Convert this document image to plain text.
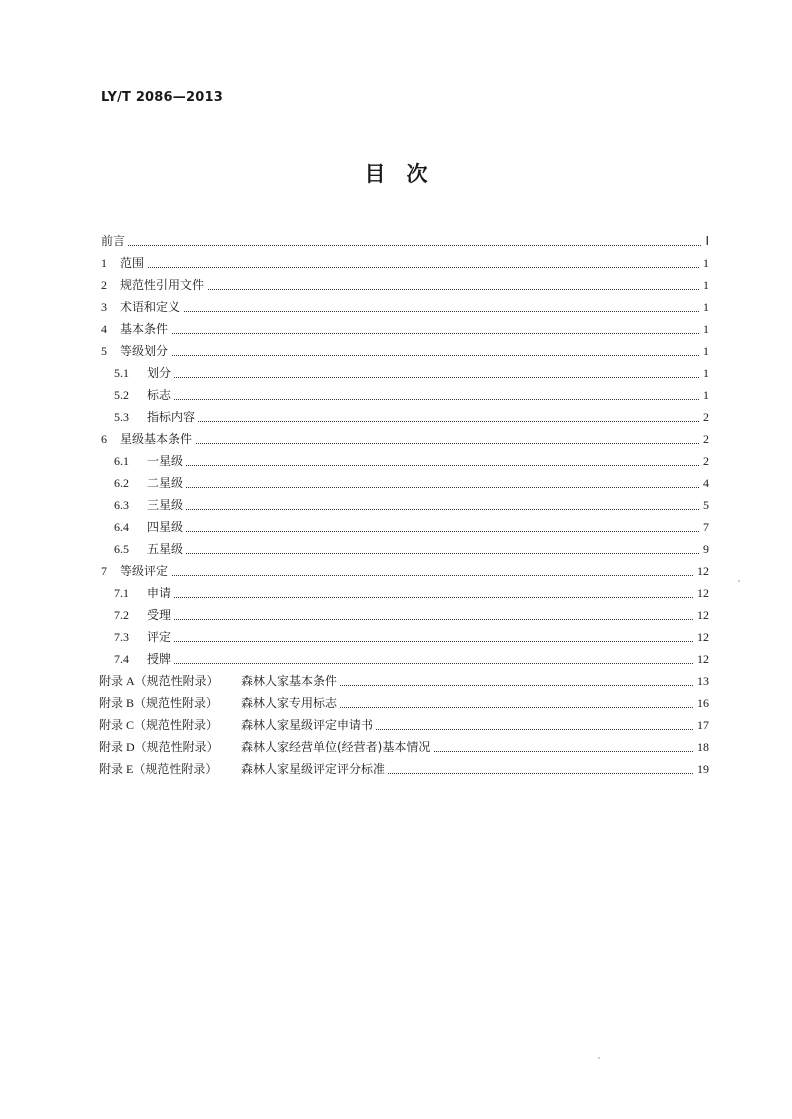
LY/T 2086—2013
目　次
前言	Ⅰ
1 范围	1
2 规范性引用文件	1
3 术语和定义	1
4 基本条件	1
5 等级划分	1
5.1 划分	1
5.2 标志	1
5.3 指标内容	2
6 星级基本条件	2
6.1 一星级	2
6.2 二星级	4
6.3 三星级	5
6.4 四星级	7
6.5 五星级	9
7 等级评定	12
7.1 申请	12
7.2 受理	12
7.3 评定	12
7.4 授牌	12
附录 A（规范性附录） 森林人家基本条件	13
附录 B（规范性附录） 森林人家专用标志	16
附录 C（规范性附录） 森林人家星级评定申请书	17
附录 D（规范性附录） 森林人家经营单位(经营者)基本情况	18
附录 E（规范性附录） 森林人家星级评定评分标准	19
